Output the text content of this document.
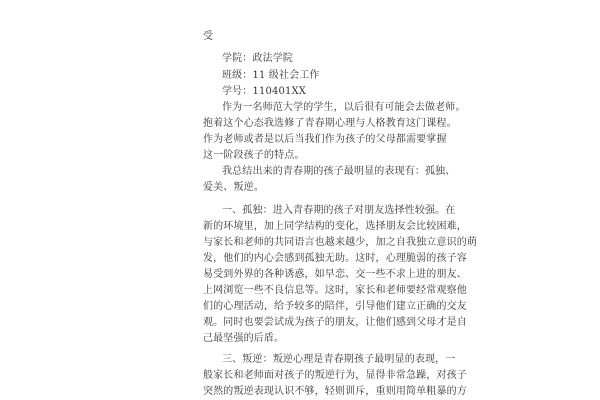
受
学院：政法学院
班级：11 级社会工作
学号：110401XX
作为一名师范大学的学生，以后很有可能会去做老师。
抱着这个心态我选修了青春期心理与人格教育这门课程。
作为老师或者是以后当我们作为孩子的父母都需要掌握
这一阶段孩子的特点。
我总结出来的青春期的孩子最明显的表现有：孤独、
爱美、叛逆。
一、孤独：进入青春期的孩子对朋友选择性较强。在
新的环境里，加上同学结构的变化，选择朋友会比较困难，
与家长和老师的共同语言也越来越少，加之自我独立意识的萌
发，他们的内心会感到孤独无助。这时，心理脆弱的孩子容
易受到外界的各种诱惑，如早恋、交一些不求上进的朋友、
上网浏览一些不良信息等。这时，家长和老师要经常观察他
们的心理活动，给予较多的陪伴，引导他们建立正确的交友
观。同时也要尝试成为孩子的朋友，让他们感到父母才是自
己最坚强的后盾。
三、叛逆：叛逆心理是青春期孩子最明显的表现，一
般家长和老师面对孩子的叛逆行为，显得非常急躁，对孩子
突然的叛逆表现认识不够，轻则训斥，重则用简单粗暴的方
